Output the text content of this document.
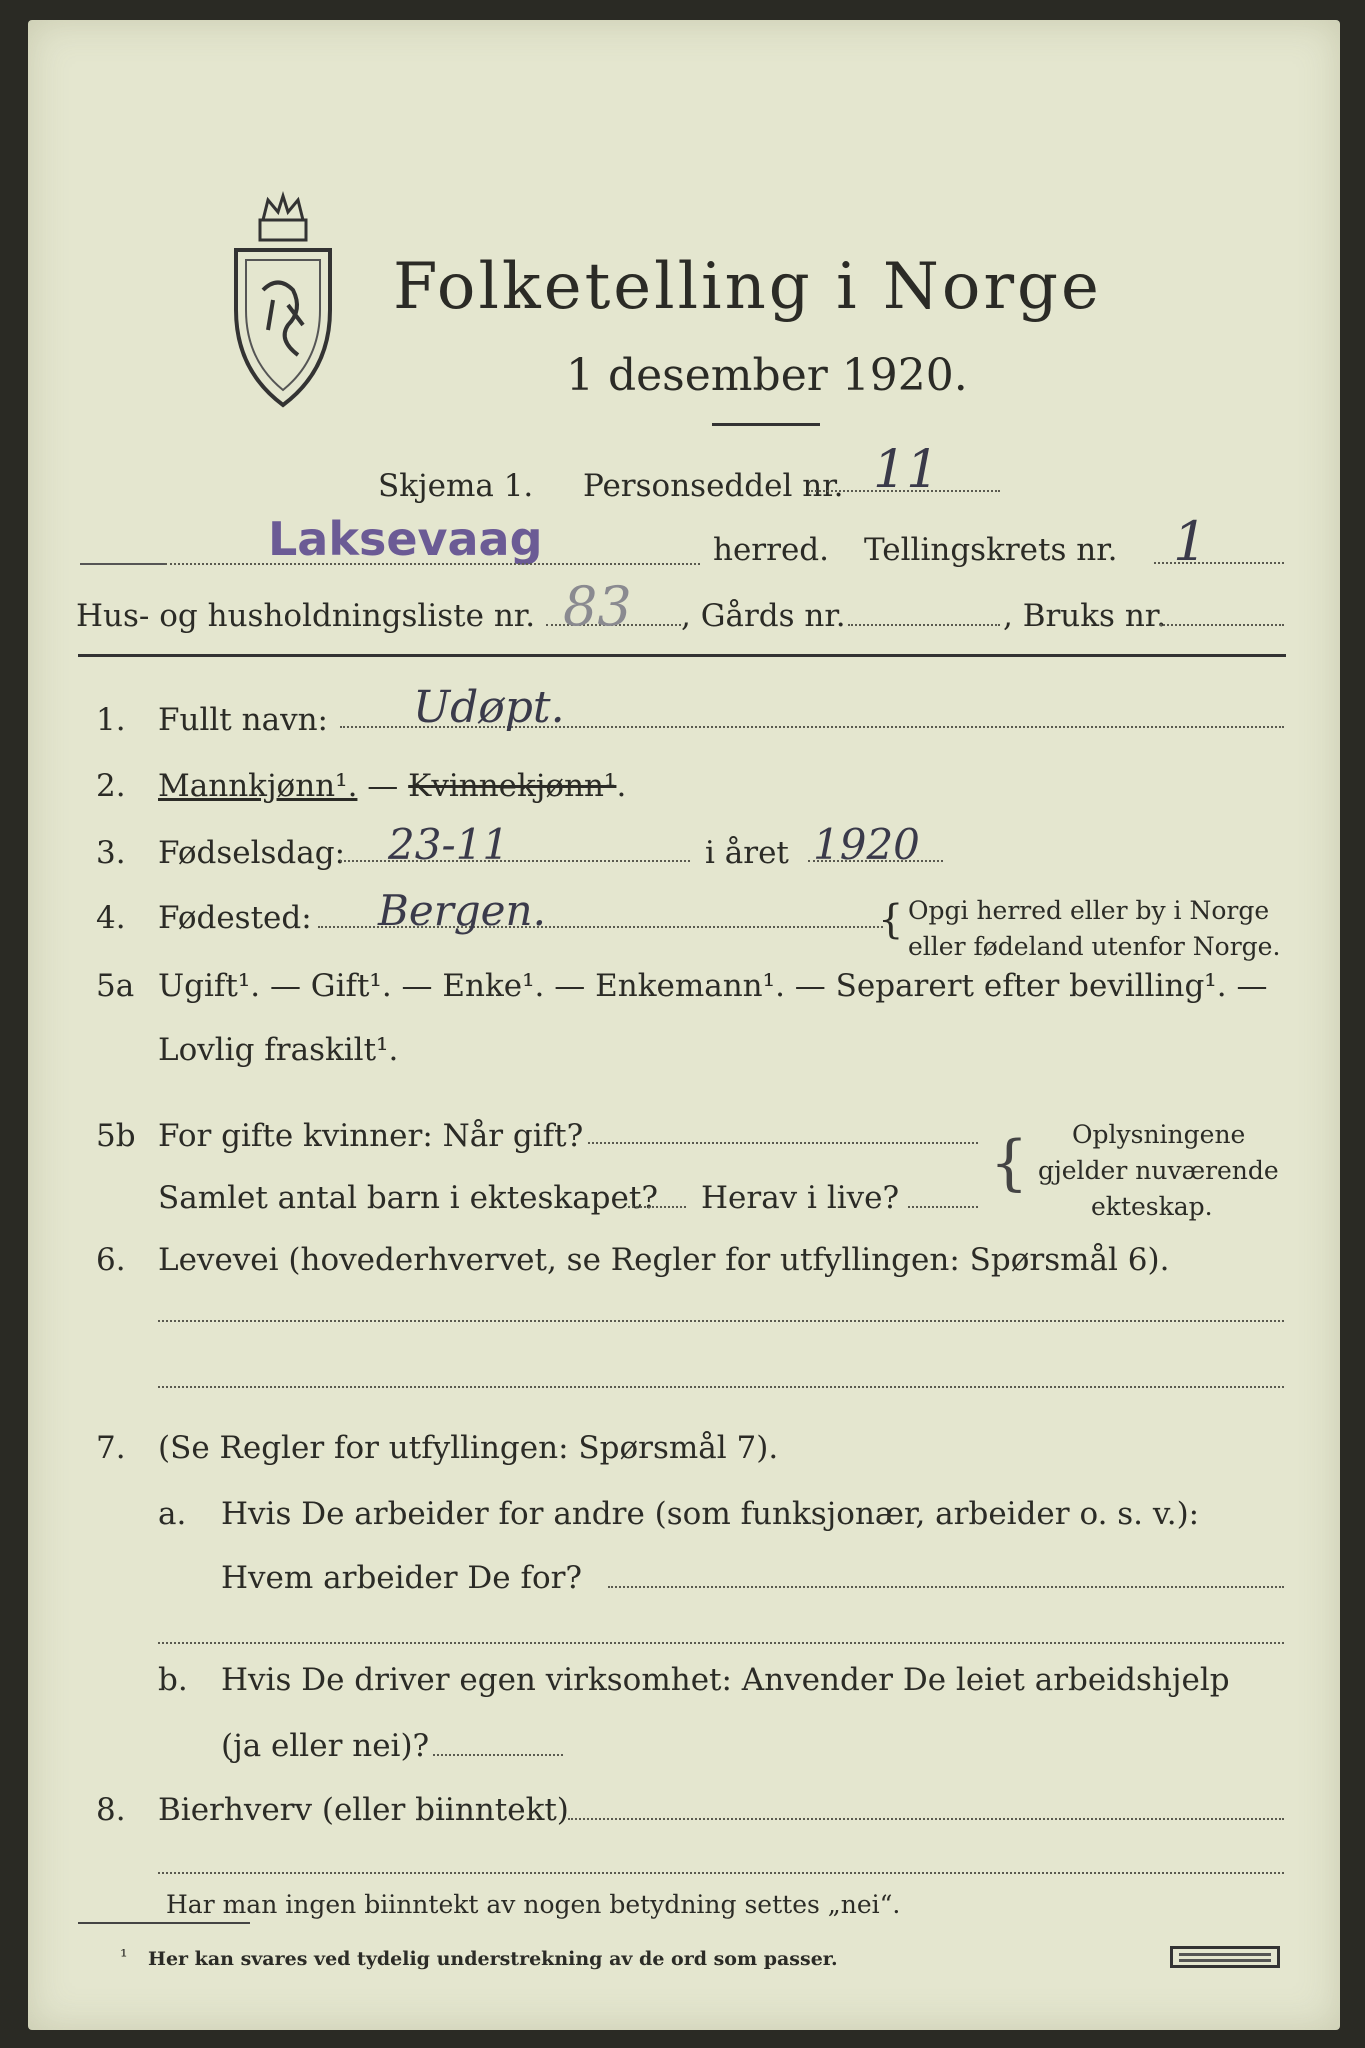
Folketelling i Norge
1 desember 1920.
Skjema 1. Personseddel nr. 11
Laksevaag	herred. Tellingskrets nr. 1
Hus- og husholdningsliste nr. 83 , Gårds nr.	, Bruks nr.
1. Fullt navn: Udøpt.
2. Mannkjønn¹. — Kvinnekjønn¹.
3. Fødselsdag: 23-11	i året 1920
4. Fødested: Bergen.	{ Opgi herred eller by i Norge
eller fødeland utenfor Norge.
5a Ugift¹. — Gift¹. — Enke¹. — Enkemann¹. — Separert efter bevilling¹. —
Lovlig fraskilt¹.
5b For gifte kvinner: Når gift?
Samlet antal barn i ekteskapet? Herav i live? { Oplysningene
gjelder nuværende
ekteskap.
6. Levevei (hovederhvervet, se Regler for utfyllingen: Spørsmål 6).
7. (Se Regler for utfyllingen: Spørsmål 7).
a. Hvis De arbeider for andre (som funksjonær, arbeider o. s. v.):
Hvem arbeider De for?
b. Hvis De driver egen virksomhet: Anvender De leiet arbeidshjelp
(ja eller nei)?
8. Bierhverv (eller biinntekt)
Har man ingen biinntekt av nogen betydning settes „nei“.
¹ Her kan svares ved tydelig understrekning av de ord som passer.
